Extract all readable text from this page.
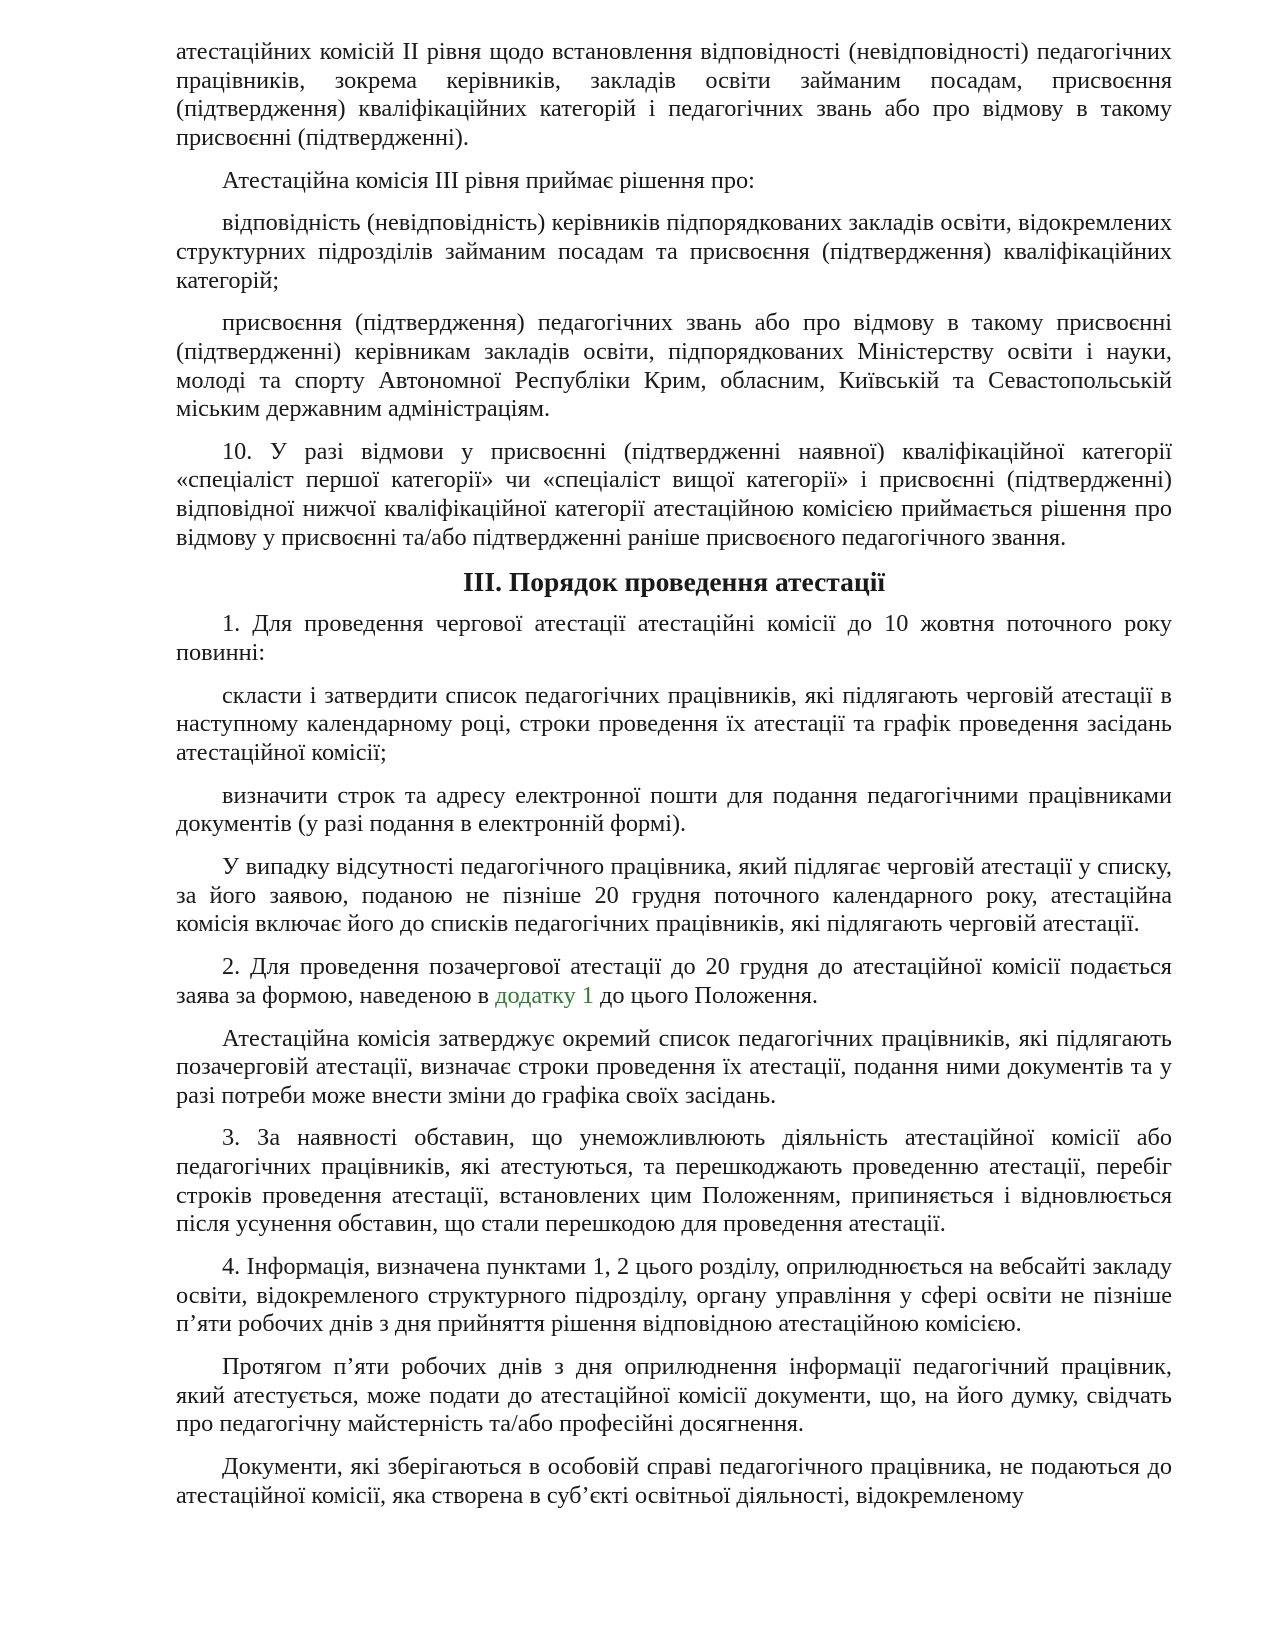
атестаційних комісій ІІ рівня щодо встановлення відповідності (невідповідності) педагогічних працівників, зокрема керівників, закладів освіти займаним посадам, присвоєння (підтвердження) кваліфікаційних категорій і педагогічних звань або про відмову в такому присвоєнні (підтвердженні).

Атестаційна комісія ІІІ рівня приймає рішення про:

відповідність (невідповідність) керівників підпорядкованих закладів освіти, відокремлених структурних підрозділів займаним посадам та присвоєння (підтвердження) кваліфікаційних категорій;

присвоєння (підтвердження) педагогічних звань або про відмову в такому присвоєнні (підтвердженні) керівникам закладів освіти, підпорядкованих Міністерству освіти і науки, молоді та спорту Автономної Республіки Крим, обласним, Київській та Севастопольській міським державним адміністраціям.

10. У разі відмови у присвоєнні (підтвердженні наявної) кваліфікаційної категорії «спеціаліст першої категорії» чи «спеціаліст вищої категорії» і присвоєнні (підтвердженні) відповідної нижчої кваліфікаційної категорії атестаційною комісією приймається рішення про відмову у присвоєнні та/або підтвердженні раніше присвоєного педагогічного звання.

ІІІ. Порядок проведення атестації

1. Для проведення чергової атестації атестаційні комісії до 10 жовтня поточного року повинні:

скласти і затвердити список педагогічних працівників, які підлягають черговій атестації в наступному календарному році, строки проведення їх атестації та графік проведення засідань атестаційної комісії;

визначити строк та адресу електронної пошти для подання педагогічними працівниками документів (у разі подання в електронній формі).

У випадку відсутності педагогічного працівника, який підлягає черговій атестації у списку, за його заявою, поданою не пізніше 20 грудня поточного календарного року, атестаційна комісія включає його до списків педагогічних працівників, які підлягають черговій атестації.

2. Для проведення позачергової атестації до 20 грудня до атестаційної комісії подається заява за формою, наведеною в додатку 1 до цього Положення.

Атестаційна комісія затверджує окремий список педагогічних працівників, які підлягають позачерговій атестації, визначає строки проведення їх атестації, подання ними документів та у разі потреби може внести зміни до графіка своїх засідань.

3. За наявності обставин, що унеможливлюють діяльність атестаційної комісії або педагогічних працівників, які атестуються, та перешкоджають проведенню атестації, перебіг строків проведення атестації, встановлених цим Положенням, припиняється і відновлюється після усунення обставин, що стали перешкодою для проведення атестації.

4. Інформація, визначена пунктами 1, 2 цього розділу, оприлюднюється на вебсайті закладу освіти, відокремленого структурного підрозділу, органу управління у сфері освіти не пізніше п’яти робочих днів з дня прийняття рішення відповідною атестаційною комісією.

Протягом п’яти робочих днів з дня оприлюднення інформації педагогічний працівник, який атестується, може подати до атестаційної комісії документи, що, на його думку, свідчать про педагогічну майстерність та/або професійні досягнення.

Документи, які зберігаються в особовій справі педагогічного працівника, не подаються до атестаційної комісії, яка створена в суб’єкті освітньої діяльності, відокремленому
